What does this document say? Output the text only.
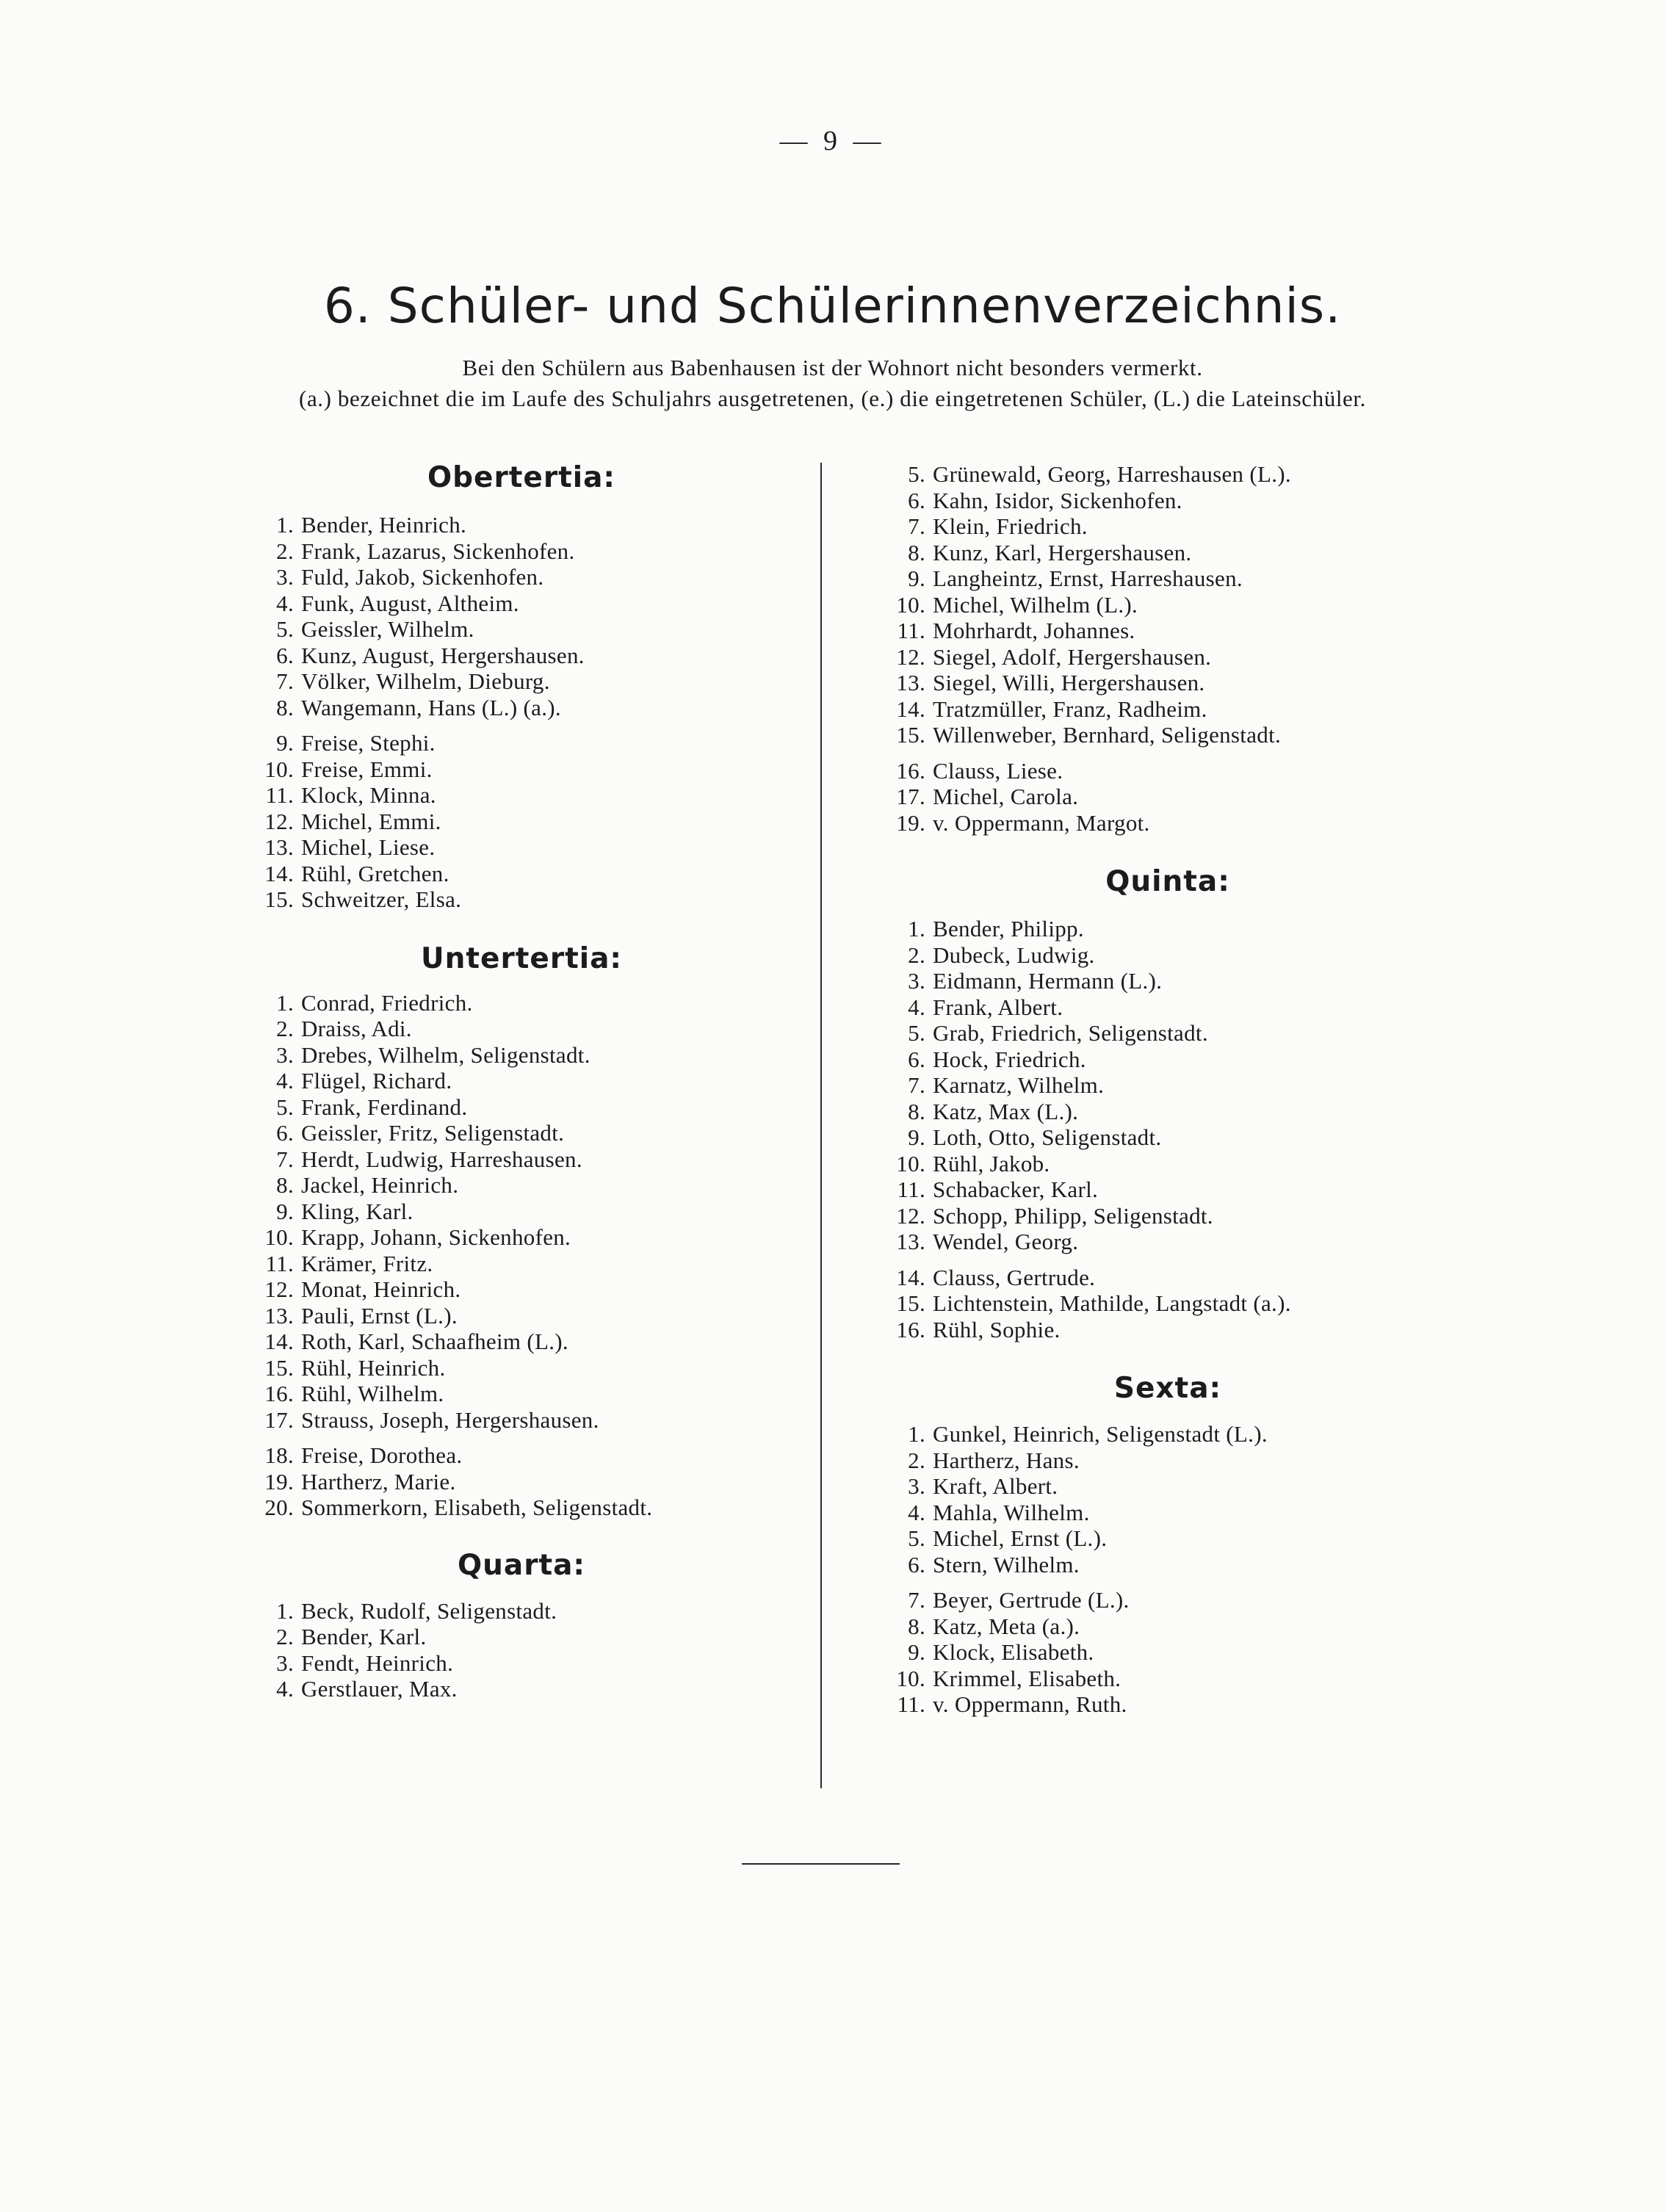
— 9 —
6. Schüler- und Schülerinnenverzeichnis.

Bei den Schülern aus Babenhausen ist der Wohnort nicht besonders vermerkt.

(a.) bezeichnet die im Laufe des Schuljahrs ausgetretenen, (e.) die eingetretenen Schüler, (L.) die Lateinschüler.

Obertertia:
1. Bender, Heinrich.
2. Frank, Lazarus, Sickenhofen.
3. Fuld, Jakob, Sickenhofen.
4. Funk, August, Altheim.
5. Geissler, Wilhelm.
6. Kunz, August, Hergershausen.
7. Völker, Wilhelm, Dieburg.
8. Wangemann, Hans (L.) (a.).
9. Freise, Stephi.
10. Freise, Emmi.
11. Klock, Minna.
12. Michel, Emmi.
13. Michel, Liese.
14. Rühl, Gretchen.
15. Schweitzer, Elsa.
Untertertia:
1. Conrad, Friedrich.
2. Draiss, Adi.
3. Drebes, Wilhelm, Seligenstadt.
4. Flügel, Richard.
5. Frank, Ferdinand.
6. Geissler, Fritz, Seligenstadt.
7. Herdt, Ludwig, Harreshausen.
8. Jackel, Heinrich.
9. Kling, Karl.
10. Krapp, Johann, Sickenhofen.
11. Krämer, Fritz.
12. Monat, Heinrich.
13. Pauli, Ernst (L.).
14. Roth, Karl, Schaafheim (L.).
15. Rühl, Heinrich.
16. Rühl, Wilhelm.
17. Strauss, Joseph, Hergershausen.
18. Freise, Dorothea.
19. Hartherz, Marie.
20. Sommerkorn, Elisabeth, Seligenstadt.
Quarta:
1. Beck, Rudolf, Seligenstadt.
2. Bender, Karl.
3. Fendt, Heinrich.
4. Gerstlauer, Max.
5. Grünewald, Georg, Harreshausen (L.).
6. Kahn, Isidor, Sickenhofen.
7. Klein, Friedrich.
8. Kunz, Karl, Hergershausen.
9. Langheintz, Ernst, Harreshausen.
10. Michel, Wilhelm (L.).
11. Mohrhardt, Johannes.
12. Siegel, Adolf, Hergershausen.
13. Siegel, Willi, Hergershausen.
14. Tratzmüller, Franz, Radheim.
15. Willenweber, Bernhard, Seligenstadt.
16. Clauss, Liese.
17. Michel, Carola.
19. v. Oppermann, Margot.
Quinta:
1. Bender, Philipp.
2. Dubeck, Ludwig.
3. Eidmann, Hermann (L.).
4. Frank, Albert.
5. Grab, Friedrich, Seligenstadt.
6. Hock, Friedrich.
7. Karnatz, Wilhelm.
8. Katz, Max (L.).
9. Loth, Otto, Seligenstadt.
10. Rühl, Jakob.
11. Schabacker, Karl.
12. Schopp, Philipp, Seligenstadt.
13. Wendel, Georg.
14. Clauss, Gertrude.
15. Lichtenstein, Mathilde, Langstadt (a.).
16. Rühl, Sophie.
Sexta:
1. Gunkel, Heinrich, Seligenstadt (L.).
2. Hartherz, Hans.
3. Kraft, Albert.
4. Mahla, Wilhelm.
5. Michel, Ernst (L.).
6. Stern, Wilhelm.
7. Beyer, Gertrude (L.).
8. Katz, Meta (a.).
9. Klock, Elisabeth.
10. Krimmel, Elisabeth.
11. v. Oppermann, Ruth.
